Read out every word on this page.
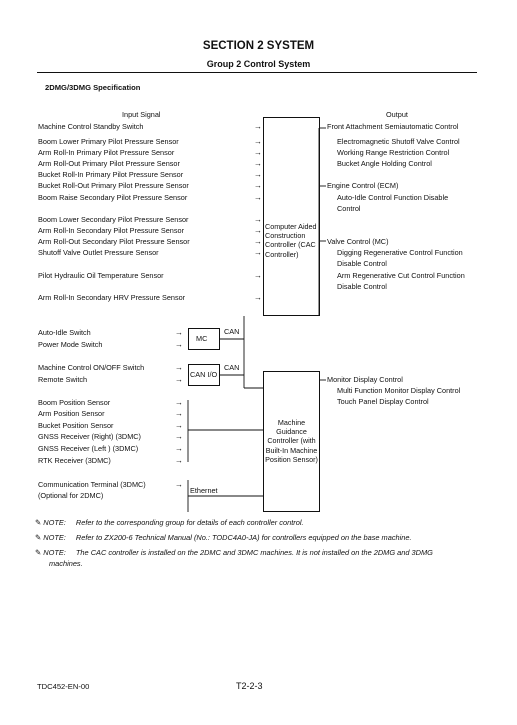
SECTION 2 SYSTEM
Group 2 Control System
2DMG/3DMG Specification
Input Signal	Output
Machine Control Standby Switch
Boom Lower Primary Pilot Pressure Sensor
Arm Roll-In Primary Pilot Pressure Sensor
Arm Roll-Out Primary Pilot Pressure Sensor
Bucket Roll-In Primary Pilot Pressure Sensor
Bucket Roll-Out Primary Pilot Pressure Sensor
Boom Raise Secondary Pilot Pressure Sensor
Boom Lower Secondary Pilot Pressure Sensor
Arm Roll-In Secondary Pilot Pressure Sensor
Arm Roll-Out Secondary Pilot Pressure Sensor
Shutoff Valve Outlet Pressure Sensor
Pilot Hydraulic Oil Temperature Sensor
Arm Roll-In Secondary HRV Pressure Sensor
→
→
→
→
→
→
→
→
→
→
→
→
→
Computer Aided
Construction
Controller (CAC
Controller)
Front Attachment Semiautomatic Control
Electromagnetic Shutoff Valve Control
Working Range Restriction Control
Bucket Angle Holding Control
Engine Control (ECM)
Auto-Idle Control Function Disable
Control
Valve Control (MC)
Digging Regenerative Control Function
Disable Control
Arm Regenerative Cut Control Function
Disable Control
Monitor Display Control
Multi Function Monitor Display Control
Touch Panel Display Control
Auto-Idle Switch
Power Mode Switch
→
→
MC
CAN
Machine Control ON/OFF Switch
Remote Switch
→
→
CAN I/O
CAN
Boom Position Sensor
Arm Position Sensor
Bucket Position Sensor
GNSS Receiver (Right) (3DMC)
GNSS Receiver (Left ) (3DMC)
RTK Receiver (3DMC)
→
→
→
→
→
→
Communication Terminal (3DMC)
(Optional for 2DMC)
→
Ethernet
Machine
Guidance
Controller (with
Built-In Machine
Position Sensor)
✎ NOTE: Refer to the corresponding group for details of each controller control.
✎ NOTE: Refer to ZX200-6 Technical Manual (No.: TODC4A0-JA) for controllers equipped on the base machine.
✎ NOTE: The CAC controller is installed on the 2DMC and 3DMC machines. It is not installed on the 2DMG and 3DMG
machines.
TDC452-EN-00	T2-2-3
